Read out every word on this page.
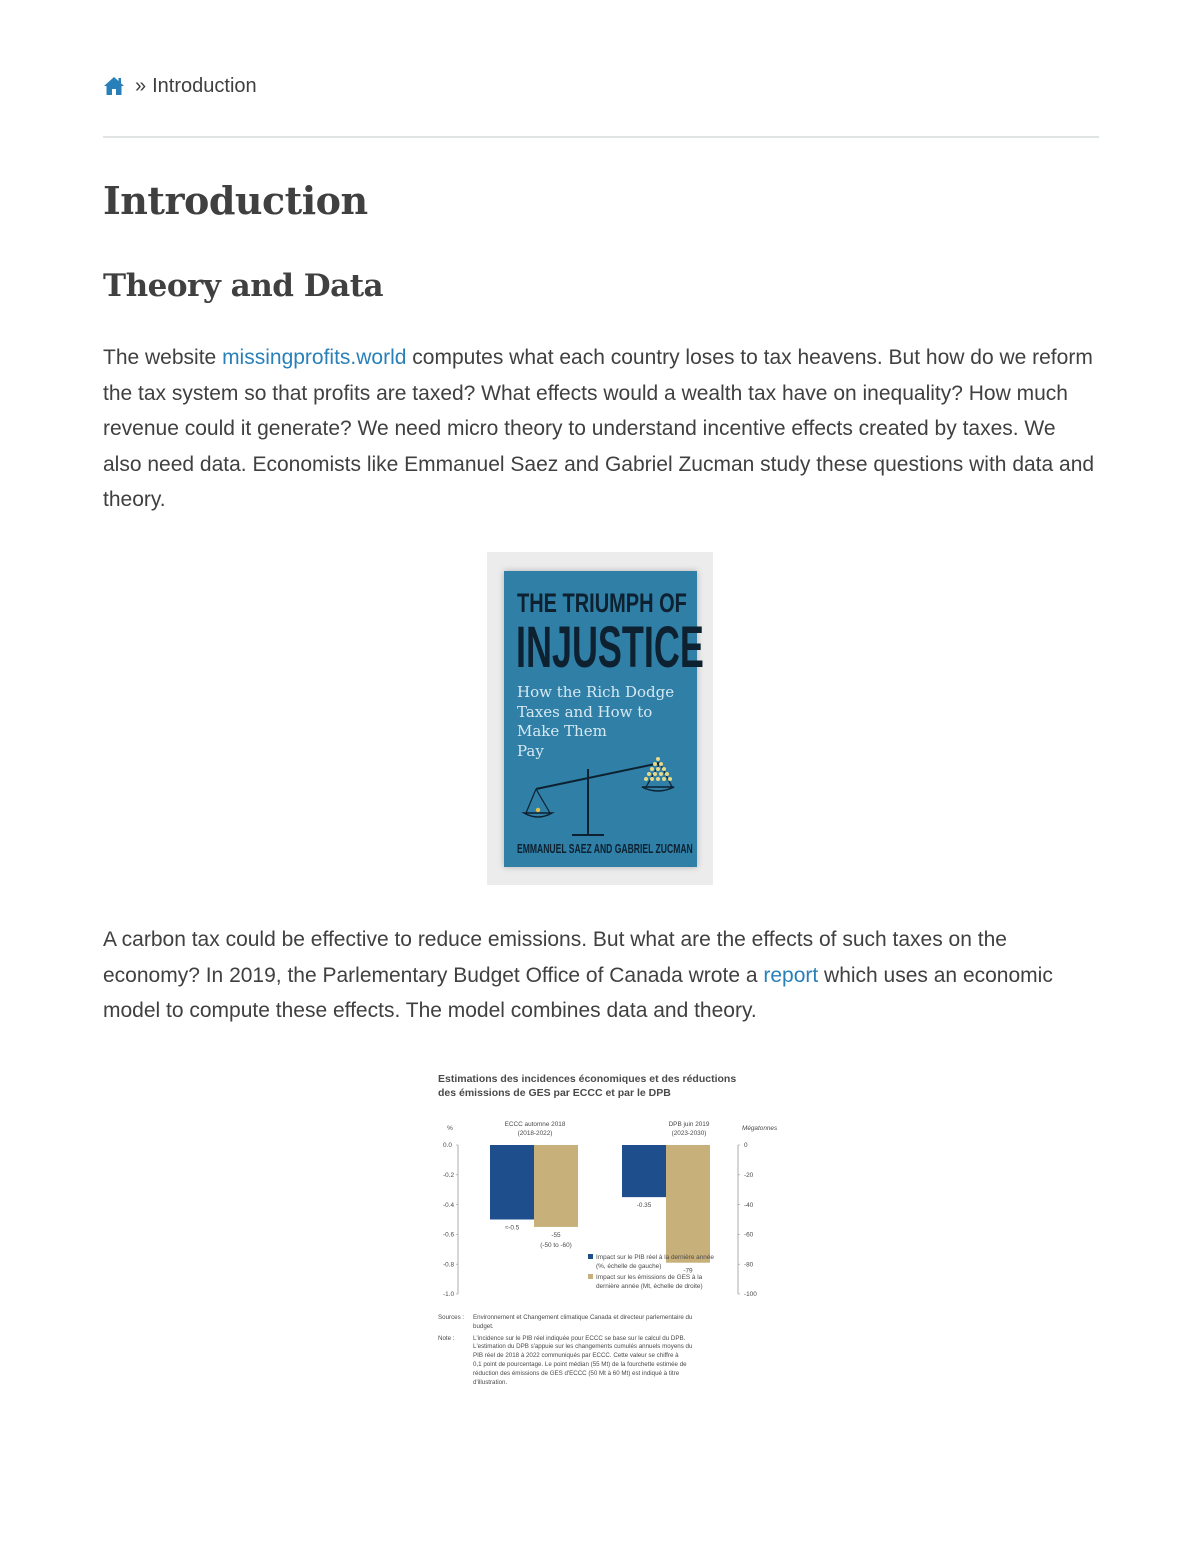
» Introduction
Introduction
Theory and Data

The website missingprofits.world computes what each country loses to tax heavens. But how do we reform the tax system so that profits are taxed? What effects would a wealth tax have on inequality? How much revenue could it generate? We need micro theory to understand incentive effects created by taxes. We also need data. Economists like Emmanuel Saez and Gabriel Zucman study these questions with data and theory.

THE TRIUMPH OF
INJUSTICE
How the Rich Dodge
Taxes and How to
Make Them
Pay
EMMANUEL SAEZ AND GABRIEL ZUCMAN

A carbon tax could be effective to reduce emissions. But what are the effects of such taxes on the economy? In 2019, the Parlementary Budget Office of Canada wrote a report which uses an economic model to compute these effects. The model combines data and theory.

Estimations des incidences économiques et des réductions
des émissions de GES par ECCC et par le DPB
%	Mégatonnes
0.0
-0.2
-0.4
-0.6
-0.8
-1.0
0
-20
-40
-60
-80
-100
ECCC automne 2018
(2018-2022)
DPB juin 2019
(2023-2030)
≈-0.5
-55
(-50 to -60)
-0.35
-79
Impact sur le PIB réel à la dernière année
(%, échelle de gauche)
Impact sur les émissions de GES à la
dernière année (Mt, échelle de droite)
Sources :	Environnement et Changement climatique Canada et directeur parlementaire du
budget.
Note :	L'incidence sur le PIB réel indiquée pour ECCC se base sur le calcul du DPB.
L'estimation du DPB s'appuie sur les changements cumulés annuels moyens du
PIB réel de 2018 à 2022 communiqués par ECCC. Cette valeur se chiffre à
0,1 point de pourcentage. Le point médian (55 Mt) de la fourchette estimée de
réduction des émissions de GES d'ECCC (50 Mt à 60 Mt) est indiqué à titre
d'illustration.
